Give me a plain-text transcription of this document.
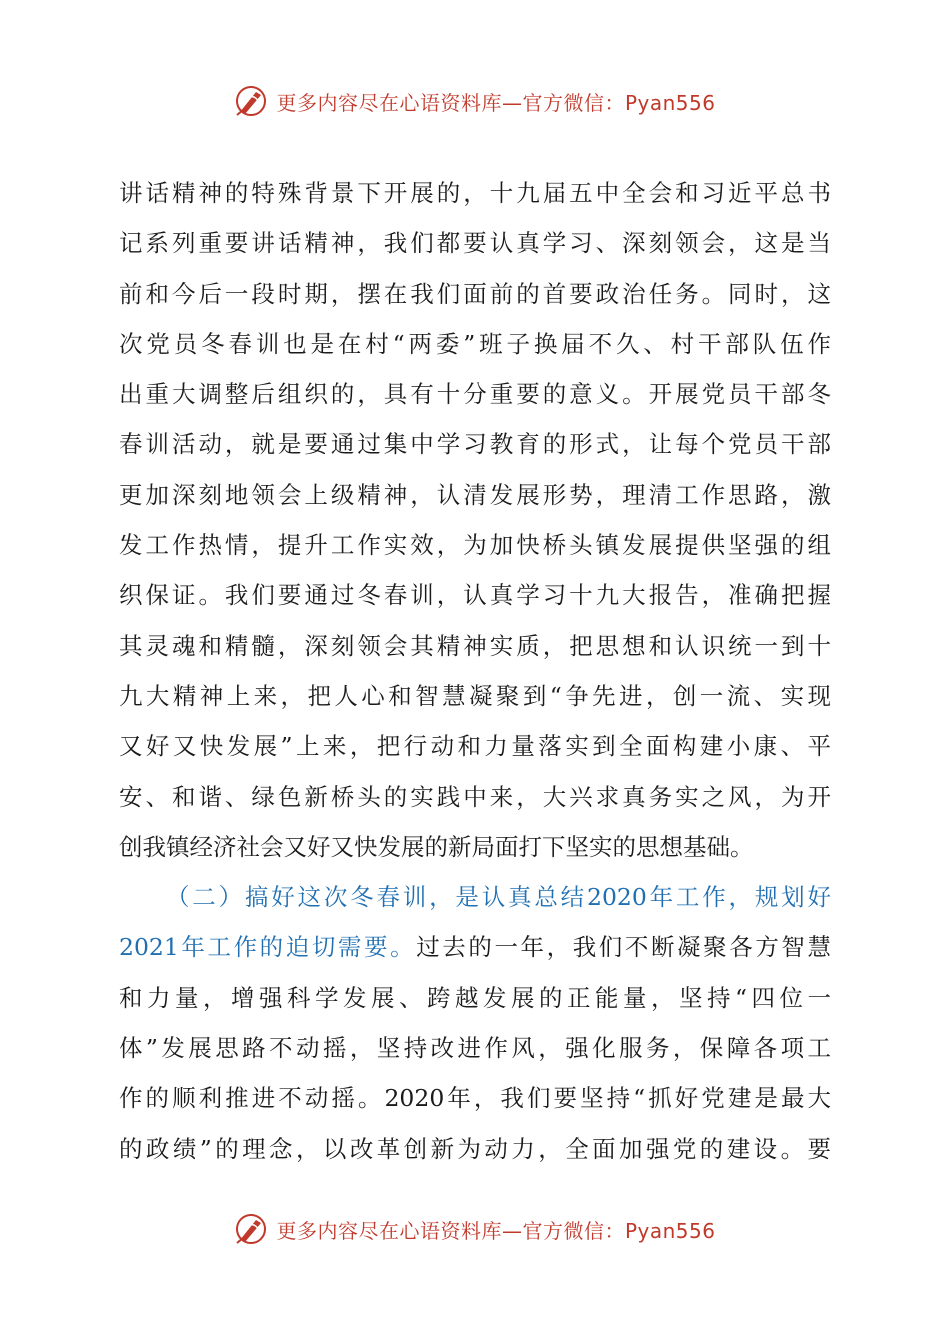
更多内容尽在心语资料库—官方微信：Pyan556
讲话精神的特殊背景下开展的，十九届五中全会和习近平总书
记系列重要讲话精神，我们都要认真学习、深刻领会，这是当
前和今后一段时期，摆在我们面前的首要政治任务。同时，这
次党员冬春训也是在村“两委”班子换届不久、村干部队伍作
出重大调整后组织的，具有十分重要的意义。开展党员干部冬
春训活动，就是要通过集中学习教育的形式，让每个党员干部
更加深刻地领会上级精神，认清发展形势，理清工作思路，激
发工作热情，提升工作实效，为加快桥头镇发展提供坚强的组
织保证。我们要通过冬春训，认真学习十九大报告，准确把握
其灵魂和精髓，深刻领会其精神实质，把思想和认识统一到十
九大精神上来，把人心和智慧凝聚到“争先进，创一流、实现
又好又快发展”上来，把行动和力量落实到全面构建小康、平
安、和谐、绿色新桥头的实践中来，大兴求真务实之风，为开
创我镇经济社会又好又快发展的新局面打下坚实的思想基础。
（二）搞好这次冬春训，是认真总结2020年工作，规划好
2021年工作的迫切需要。过去的一年，我们不断凝聚各方智慧
和力量，增强科学发展、跨越发展的正能量，坚持“四位一
体”发展思路不动摇，坚持改进作风，强化服务，保障各项工
作的顺利推进不动摇。2020年，我们要坚持“抓好党建是最大
的政绩”的理念，以改革创新为动力，全面加强党的建设。要
更多内容尽在心语资料库—官方微信：Pyan556
